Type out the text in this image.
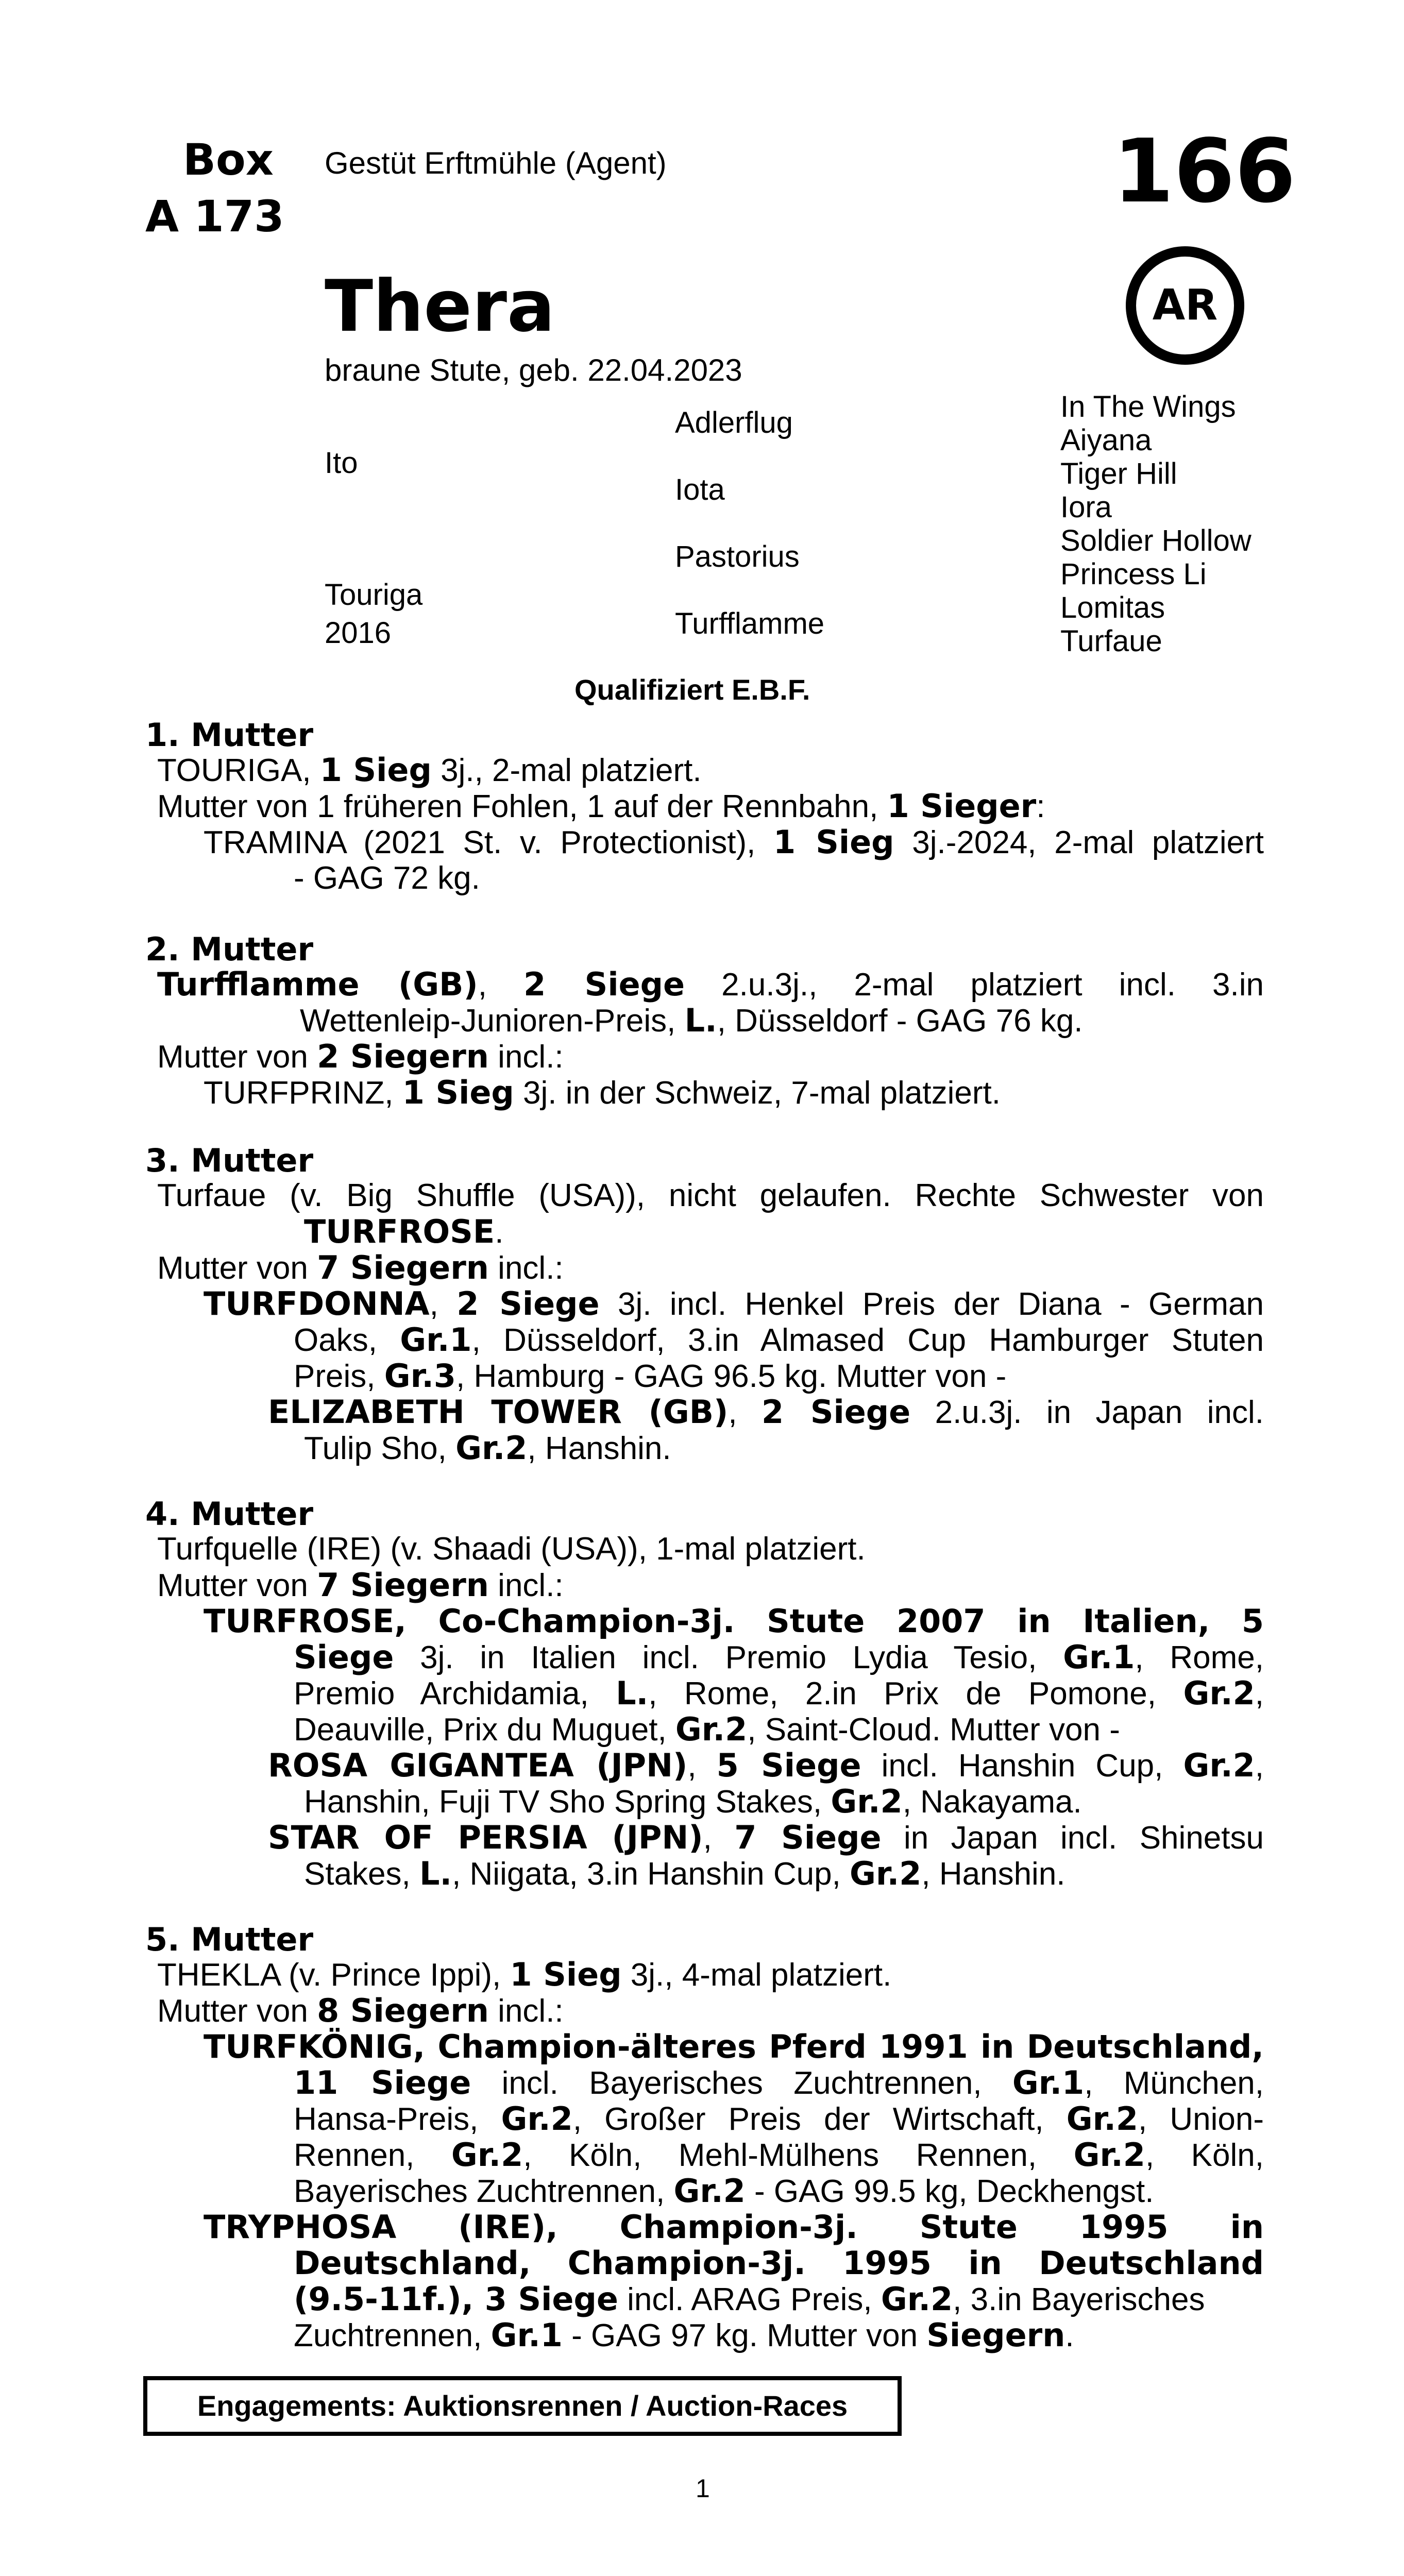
Box
A 173
Gestüt Erftmühle (Agent)	166
AR
Thera
braune Stute, geb. 22.04.2023
Ito
Touriga
2016
Adlerflug
Iota
Pastorius
Turfflamme
In The Wings
Aiyana
Tiger Hill
Iora
Soldier Hollow
Princess Li
Lomitas
Turfaue
Qualifiziert E.B.F.
1. Mutter

TOURIGA, 1 Sieg 3j., 2-mal platziert.

Mutter von 1 früheren Fohlen, 1 auf der Rennbahn, 1 Sieger:

TRAMINA (2021 St. v. Protectionist), 1 Sieg 3j.-2024, 2-mal platziert

- GAG 72 kg.

2. Mutter

Turfflamme (GB), 2 Siege 2.u.3j., 2-mal platziert incl. 3.in

Wettenleip-Junioren-Preis, L., Düsseldorf - GAG 76 kg.

Mutter von 2 Siegern incl.:

TURFPRINZ, 1 Sieg 3j. in der Schweiz, 7-mal platziert.

3. Mutter

Turfaue (v. Big Shuffle (USA)), nicht gelaufen. Rechte Schwester von

TURFROSE.

Mutter von 7 Siegern incl.:

TURFDONNA, 2 Siege 3j. incl. Henkel Preis der Diana - German

Oaks, Gr.1, Düsseldorf, 3.in Almased Cup Hamburger Stuten

Preis, Gr.3, Hamburg - GAG 96.5 kg. Mutter von -

ELIZABETH TOWER (GB), 2 Siege 2.u.3j. in Japan incl.

Tulip Sho, Gr.2, Hanshin.

4. Mutter

Turfquelle (IRE) (v. Shaadi (USA)), 1-mal platziert.

Mutter von 7 Siegern incl.:

TURFROSE, Co-Champion-3j. Stute 2007 in Italien, 5

Siege 3j. in Italien incl. Premio Lydia Tesio, Gr.1, Rome,

Premio Archidamia, L., Rome, 2.in Prix de Pomone, Gr.2,

Deauville, Prix du Muguet, Gr.2, Saint-Cloud. Mutter von -

ROSA GIGANTEA (JPN), 5 Siege incl. Hanshin Cup, Gr.2,

Hanshin, Fuji TV Sho Spring Stakes, Gr.2, Nakayama.

STAR OF PERSIA (JPN), 7 Siege in Japan incl. Shinetsu

Stakes, L., Niigata, 3.in Hanshin Cup, Gr.2, Hanshin.

5. Mutter

THEKLA (v. Prince Ippi), 1 Sieg 3j., 4-mal platziert.

Mutter von 8 Siegern incl.:

TURFKÖNIG, Champion-älteres Pferd 1991 in Deutschland,

11 Siege incl. Bayerisches Zuchtrennen, Gr.1, München,

Hansa-Preis, Gr.2, Großer Preis der Wirtschaft, Gr.2, Union-

Rennen, Gr.2, Köln, Mehl-Mülhens Rennen, Gr.2, Köln,

Bayerisches Zuchtrennen, Gr.2 - GAG 99.5 kg, Deckhengst.

TRYPHOSA (IRE), Champion-3j. Stute 1995 in

Deutschland, Champion-3j. 1995 in Deutschland

(9.5-11f.), 3 Siege incl. ARAG Preis, Gr.2, 3.in Bayerisches

Zuchtrennen, Gr.1 - GAG 97 kg. Mutter von Siegern.

Engagements: Auktionsrennen / Auction-Races
1
